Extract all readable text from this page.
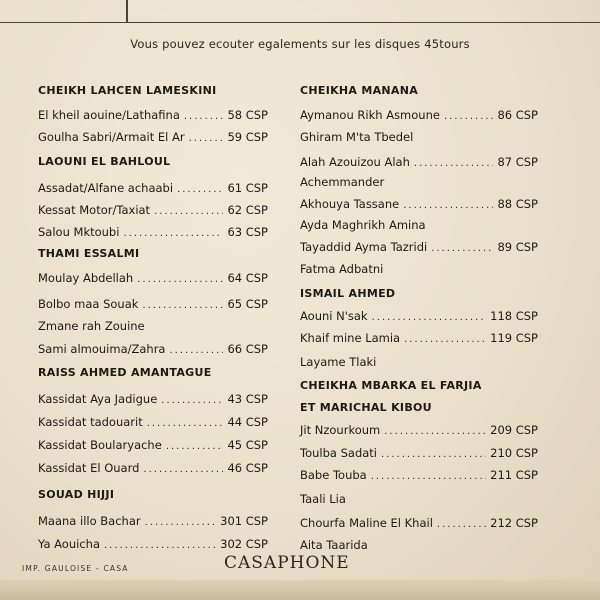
Vous pouvez ecouter egalements sur les disques 45tours
CHEIKH LAHCEN LAMESKINI
El kheil aouine/Lathafina .....	58 CSP
Goulha Sabri/Armait El Ar .....	59 CSP
LAOUNI EL BAHLOUL
Assadat/Alfane achaabi .....	61 CSP
Kessat Motor/Taxiat .....	62 CSP
Salou Mktoubi .....	63 CSP
THAMI ESSALMI
Moulay Abdellah .....	64 CSP
Bolbo maa Souak .....	65 CSP
Zmane rah Zouine
Sami almouima/Zahra .....	66 CSP
RAISS AHMED AMANTAGUE
Kassidat Aya Jadigue .....	43 CSP
Kassidat tadouarit .....	44 CSP
Kassidat Boularyache .....	45 CSP
Kassidat El Ouard .....	46 CSP
SOUAD HIJJI
Maana illo Bachar .....	301 CSP
Ya Aouicha .....	302 CSP
CHEIKHA MANANA
Aymanou Rikh Asmoune .....	86 CSP
Ghiram M'ta Tbedel
Alah Azouizou Alah .....	87 CSP
Achemmander
Akhouya Tassane .....	88 CSP
Ayda Maghrikh Amina
Tayaddid Ayma Tazridi .....	89 CSP
Fatma Adbatni
ISMAIL AHMED
Aouni N'sak .....	118 CSP
Khaif mine Lamia .....	119 CSP
Layame Tlaki
CHEIKHA MBARKA EL FARJIA
ET MARICHAL KIBOU
Jit Nzourkoum .....	209 CSP
Toulba Sadati .....	210 CSP
Babe Touba .....	211 CSP
Taali Lia
Chourfa Maline El Khail .....	212 CSP
Aita Taarida
IMP. GAULOISE - CASA	CASAPHONE
